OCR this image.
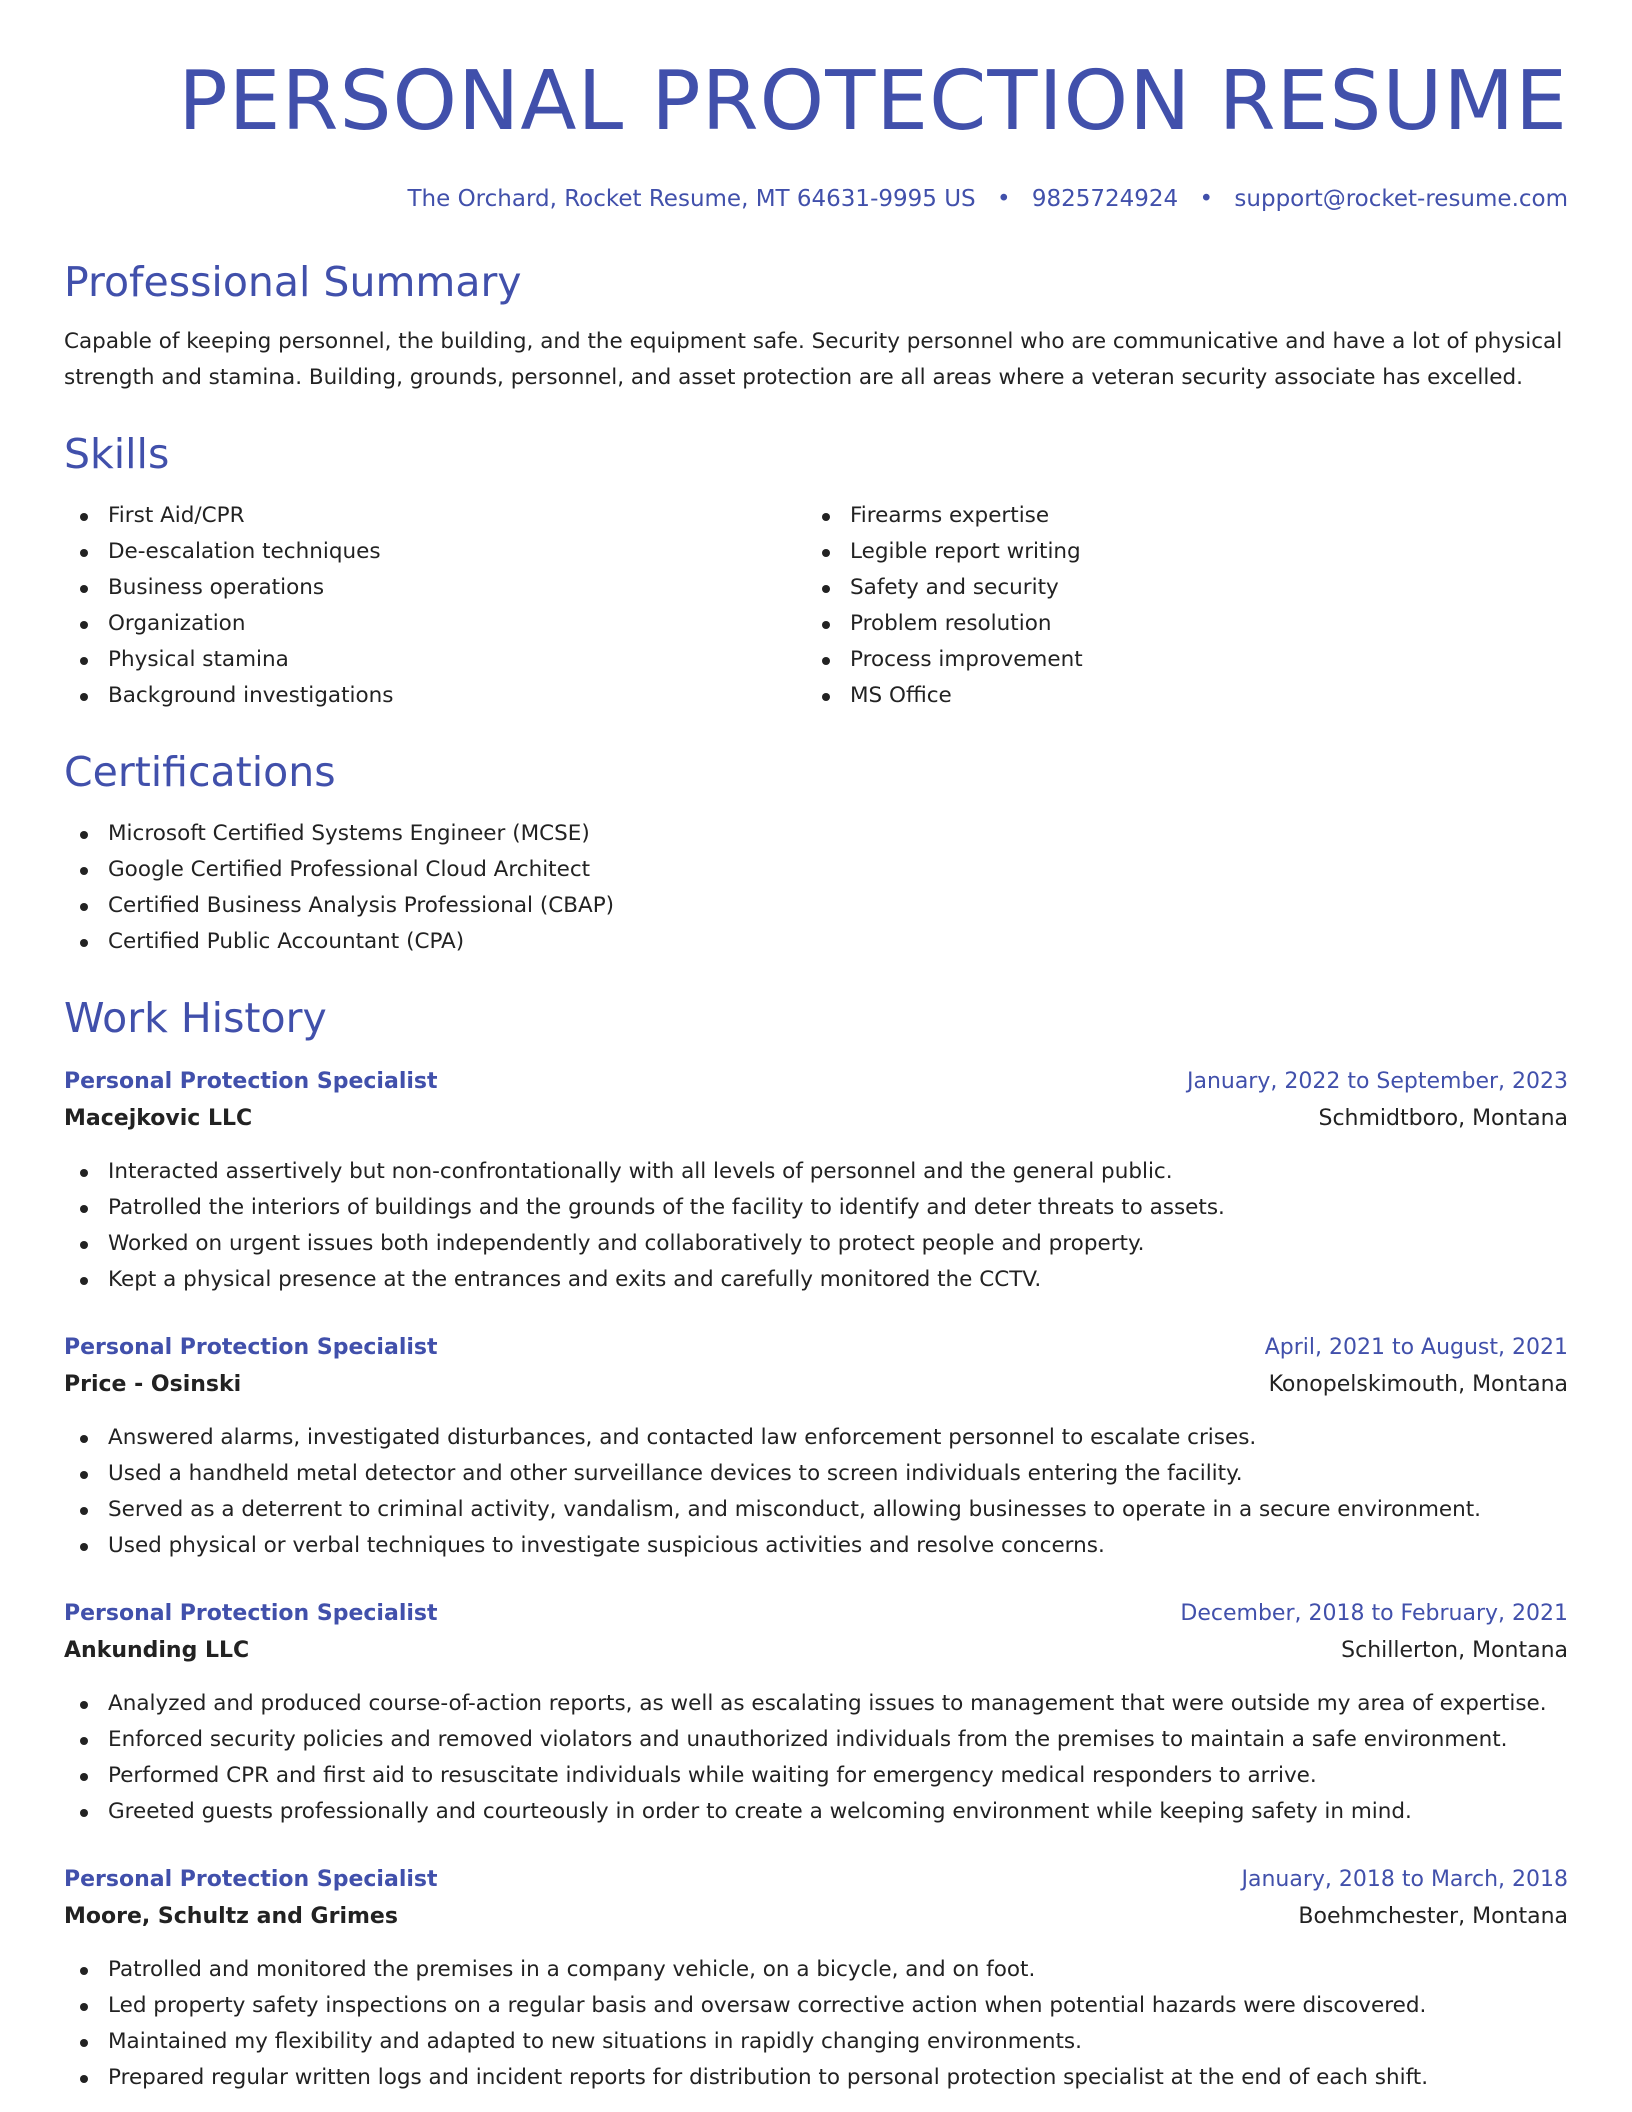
PERSONAL PROTECTION RESUME
The Orchard, Rocket Resume, MT 64631-9995 US • 9825724924 • support@rocket-resume.com
Professional Summary
Capable of keeping personnel, the building, and the equipment safe. Security personnel who are communicative and have a lot of physical strength and stamina. Building, grounds, personnel, and asset protection are all areas where a veteran security associate has excelled.
Skills
First Aid/CPR
De-escalation techniques
Business operations
Organization
Physical stamina
Background investigations
Firearms expertise
Legible report writing
Safety and security
Problem resolution
Process improvement
MS Office
Certifications
Microsoft Certified Systems Engineer (MCSE)
Google Certified Professional Cloud Architect
Certified Business Analysis Professional (CBAP)
Certified Public Accountant (CPA)
Work History
Personal Protection Specialist	January, 2022 to September, 2023
Macejkovic LLC	Schmidtboro, Montana
Interacted assertively but non-confrontationally with all levels of personnel and the general public.
Patrolled the interiors of buildings and the grounds of the facility to identify and deter threats to assets.
Worked on urgent issues both independently and collaboratively to protect people and property.
Kept a physical presence at the entrances and exits and carefully monitored the CCTV.
Personal Protection Specialist	April, 2021 to August, 2021
Price - Osinski	Konopelskimouth, Montana
Answered alarms, investigated disturbances, and contacted law enforcement personnel to escalate crises.
Used a handheld metal detector and other surveillance devices to screen individuals entering the facility.
Served as a deterrent to criminal activity, vandalism, and misconduct, allowing businesses to operate in a secure environment.
Used physical or verbal techniques to investigate suspicious activities and resolve concerns.
Personal Protection Specialist	December, 2018 to February, 2021
Ankunding LLC	Schillerton, Montana
Analyzed and produced course-of-action reports, as well as escalating issues to management that were outside my area of expertise.
Enforced security policies and removed violators and unauthorized individuals from the premises to maintain a safe environment.
Performed CPR and first aid to resuscitate individuals while waiting for emergency medical responders to arrive.
Greeted guests professionally and courteously in order to create a welcoming environment while keeping safety in mind.
Personal Protection Specialist	January, 2018 to March, 2018
Moore, Schultz and Grimes	Boehmchester, Montana
Patrolled and monitored the premises in a company vehicle, on a bicycle, and on foot.
Led property safety inspections on a regular basis and oversaw corrective action when potential hazards were discovered.
Maintained my flexibility and adapted to new situations in rapidly changing environments.
Prepared regular written logs and incident reports for distribution to personal protection specialist at the end of each shift.
